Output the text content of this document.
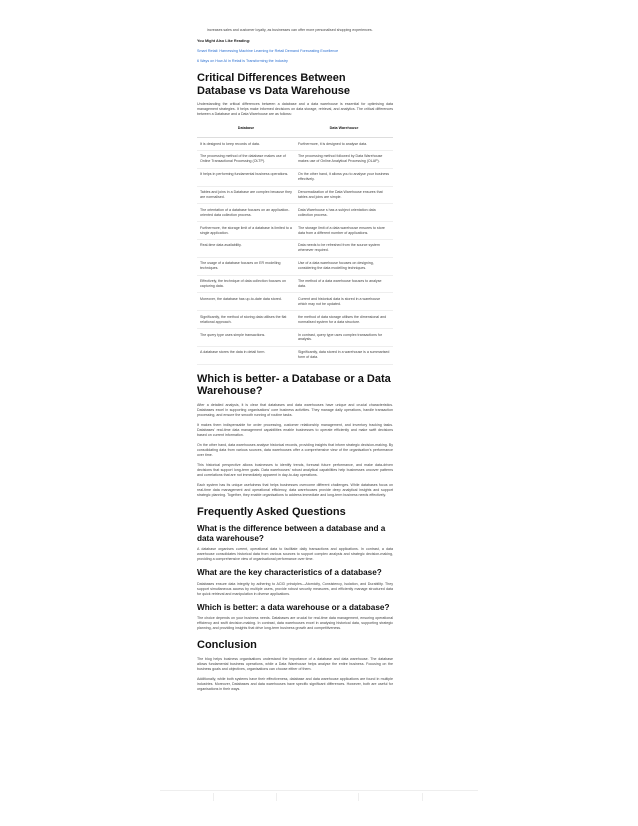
increases sales and customer loyalty, as businesses can offer more personalised shopping experiences.

You Might Also Like Reading:
Smart Retail: Harnessing Machine Learning for Retail Demand Forecasting Excellence
6 Ways on How AI in Retail is Transforming the Industry
Critical Differences Between Database vs Data Warehouse

Understanding the critical differences between a database and a data warehouse is essential for optimising data management strategies. It helps make informed decisions on data storage, retrieval, and analytics. The critical differences between a Database and a Data Warehouse are as follows:

Database	Data Warehouse
It is designed to keep records of data.	Furthermore, it is designed to analyse data.
The processing method of the database makes use of Online Transactional Processing (OLTP).	The processing method followed by Data Warehouse makes use of Online Analytical Processing (OLAP).
It helps in performing fundamental business operations.	On the other hand, it allows you to analyse your business effectively.
Tables and joins in a Database are complex because they are normalised.	Denormalization of the Data Warehouse ensures that tables and joins are simple.
The orientation of a database focuses on an application-oriented data collection process.	Data Warehouse s has a subject orientation data collection process.
Furthermore, the storage limit of a database is limited to a single application.	The storage limit of a data warehouse ensures to store data from a different number of applications.
Real-time data availability.	Data needs to be refreshed from the source system whenever required.
The usage of a database focuses on ER modelling techniques.	Use of a data warehouse focuses on designing, considering the data modelling techniques.
Effectively, the technique of data collection focuses on capturing data.	The method of a data warehouse focuses to analyse data.
Moreover, the database has up-to-date data stored.	Current and historical data is stored in a warehouse which may not be updated.
Significantly, the method of storing data utilises the flat relational approach.	the method of data storage utilises the dimensional and normalised system for a data structure.
The query type uses simple transactions.	In contrast, query type uses complex transactions for analysis.
A database stores the data in detail form.	Significantly, data stored in a warehouse is a summarised form of data.
Which is better- a Database or a Data Warehouse?

After a detailed analysis, it is clear that databases and data warehouses have unique and crucial characteristics. Databases excel in supporting organisations' core business activities. They manage daily operations, handle transaction processing, and ensure the smooth running of routine tasks.

It makes them indispensable for order processing, customer relationship management, and inventory tracking tasks. Databases' real-time data management capabilities enable businesses to operate efficiently and make swift decisions based on current information.

On the other hand, data warehouses analyse historical records, providing insights that inform strategic decision-making. By consolidating data from various sources, data warehouses offer a comprehensive view of the organisation's performance over time.

This historical perspective allows businesses to identify trends, forecast future performance, and make data-driven decisions that support long-term goals. Data warehouses' robust analytical capabilities help businesses uncover patterns and correlations that are not immediately apparent in day-to-day operations.

Each system has its unique usefulness that helps businesses overcome different challenges. While databases focus on real-time data management and operational efficiency, data warehouses provide deep analytical insights and support strategic planning. Together, they enable organisations to address immediate and long-term business needs effectively.

Frequently Asked Questions
What is the difference between a database and a data warehouse?

A database organises current, operational data to facilitate daily transactions and applications. In contrast, a data warehouse consolidates historical data from various sources to support complex analysis and strategic decision-making, providing a comprehensive view of organisational performance over time.

What are the key characteristics of a database?

Databases ensure data integrity by adhering to ACID principles—Atomicity, Consistency, Isolation, and Durability. They support simultaneous access by multiple users, provide robust security measures, and efficiently manage structured data for quick retrieval and manipulation in diverse applications.

Which is better: a data warehouse or a database?

The choice depends on your business needs. Databases are crucial for real-time data management, ensuring operational efficiency and swift decision-making. In contrast, data warehouses excel in analysing historical data, supporting strategic planning, and providing insights that drive long-term business growth and competitiveness.

Conclusion

The blog helps business organisations understand the importance of a database and data warehouse. The database allows fundamental business operations, while a Data Warehouse helps analyse the entire business. Focusing on the business goals and objectives, organisations can choose either of them.

Additionally, while both systems have their effectiveness, database and data warehouse applications are found in multiple industries. Moreover, Databases and data warehouses have specific significant differences. However, both are useful for organisations in their ways.
